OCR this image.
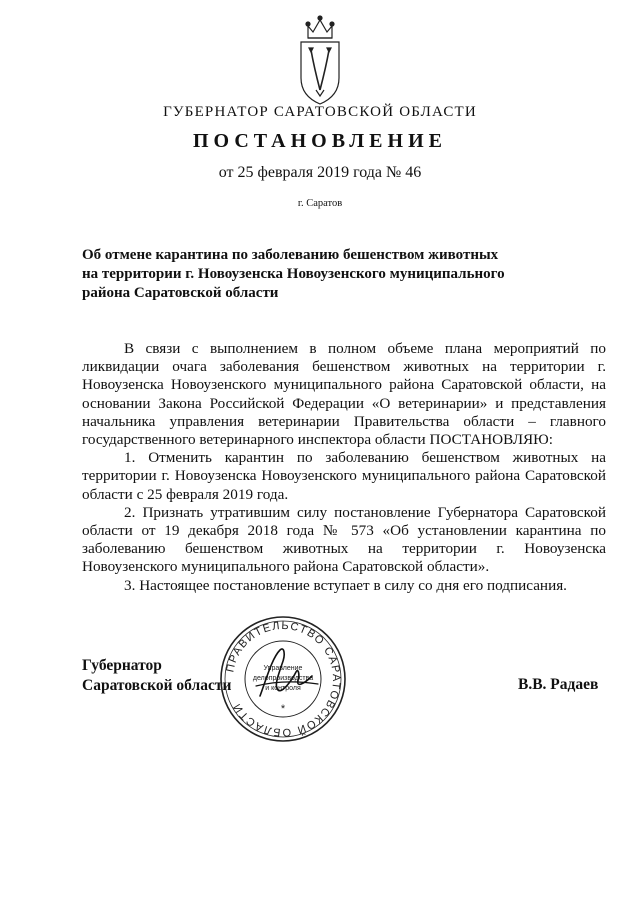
ГУБЕРНАТОР САРАТОВСКОЙ ОБЛАСТИ
ПОСТАНОВЛЕНИЕ
от 25 февраля 2019 года № 46
г. Саратов
Об отмене карантина по заболеванию бешенством животных на территории г. Новоузенска Новоузенского муниципального района Саратовской области

В связи с выполнением в полном объеме плана мероприятий по ликвидации очага заболевания бешенством животных на территории г. Новоузенска Новоузенского муниципального района Саратовской области, на основании Закона Российской Федерации «О ветеринарии» и представления начальника управления ветеринарии Правительства области – главного государственного ветеринарного инспектора области ПОСТАНОВЛЯЮ:

1. Отменить карантин по заболеванию бешенством животных на территории г. Новоузенска Новоузенского муниципального района Саратовской области с 25 февраля 2019 года.

2. Признать утратившим силу постановление Губернатора Саратовской области от 19 декабря 2018 года № 573 «Об установлении карантина по заболеванию бешенством животных на территории г. Новоузенска Новоузенского муниципального района Саратовской области».

3. Настоящее постановление вступает в силу со дня его подписания.

Губернатор
Саратовской области	В.В. Радаев
ПРАВИТЕЛЬСТВО САРАТОВСКОЙ ОБЛАСТИ
Управление
делопроизводства
и контроля
*
